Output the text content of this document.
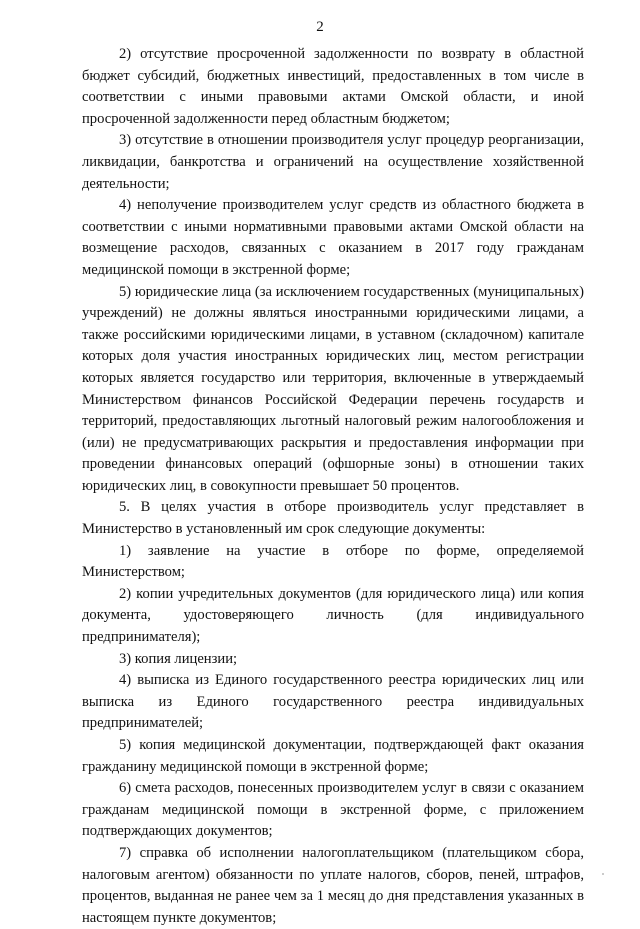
2

2) отсутствие просроченной задолженности по возврату в областной бюджет субсидий, бюджетных инвестиций, предоставленных в том числе в соответствии с иными правовыми актами Омской области, и иной просроченной задолженности перед областным бюджетом;

3) отсутствие в отношении производителя услуг процедур реорганизации, ликвидации, банкротства и ограничений на осуществление хозяйственной деятельности;

4) неполучение производителем услуг средств из областного бюджета в соответствии с иными нормативными правовыми актами Омской области на возмещение расходов, связанных с оказанием в 2017 году гражданам медицинской помощи в экстренной форме;

5) юридические лица (за исключением государственных (муниципальных) учреждений) не должны являться иностранными юридическими лицами, а также российскими юридическими лицами, в уставном (складочном) капитале которых доля участия иностранных юридических лиц, местом регистрации которых является государство или территория, включенные в утверждаемый Министерством финансов Российской Федерации перечень государств и территорий, предоставляющих льготный налоговый режим налогообложения и (или) не предусматривающих раскрытия и предоставления информации при проведении финансовых операций (офшорные зоны) в отношении таких юридических лиц, в совокупности превышает 50 процентов.

5. В целях участия в отборе производитель услуг представляет в Министерство в установленный им срок следующие документы:

1) заявление на участие в отборе по форме, определяемой Министерством;

2) копии учредительных документов (для юридического лица) или копия документа, удостоверяющего личность (для индивидуального предпринимателя);

3) копия лицензии;

4) выписка из Единого государственного реестра юридических лиц или выписка из Единого государственного реестра индивидуальных предпринимателей;

5) копия медицинской документации, подтверждающей факт оказания гражданину медицинской помощи в экстренной форме;

6) смета расходов, понесенных производителем услуг в связи с оказанием гражданам медицинской помощи в экстренной форме, с приложением подтверждающих документов;

7) справка об исполнении налогоплательщиком (плательщиком сбора, налоговым агентом) обязанности по уплате налогов, сборов, пеней, штрафов, процентов, выданная не ранее чем за 1 месяц до дня представления указанных в настоящем пункте документов;
